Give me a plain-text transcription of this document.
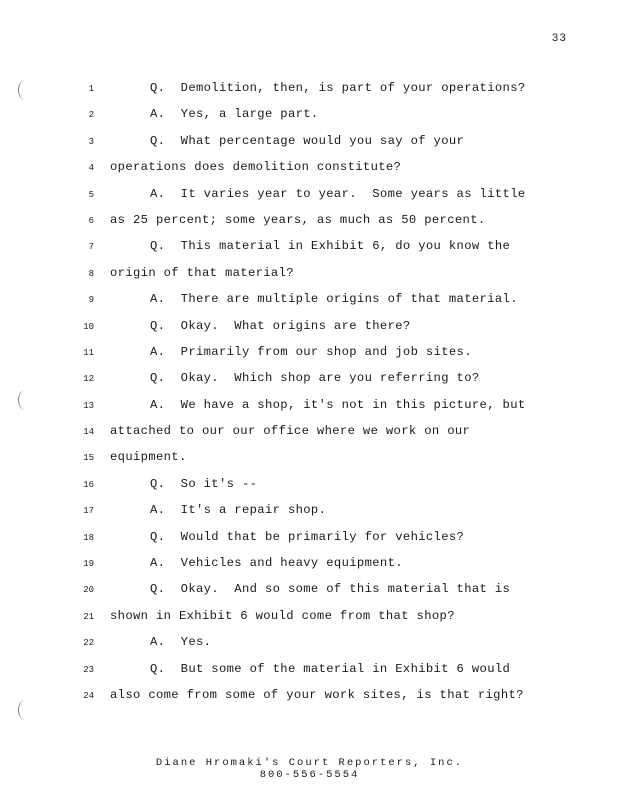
33
1	Q.  Demolition, then, is part of your operations?
2	A.  Yes, a large part.
3	Q.  What percentage would you say of your
4 operations does demolition constitute?
5	A.  It varies year to year.  Some years as little
6 as 25 percent; some years, as much as 50 percent.
7	Q.  This material in Exhibit 6, do you know the
8 origin of that material?
9	A.  There are multiple origins of that material.
10	Q.  Okay.  What origins are there?
11	A.  Primarily from our shop and job sites.
12	Q.  Okay.  Which shop are you referring to?
13	A.  We have a shop, it's not in this picture, but
14 attached to our our office where we work on our
15 equipment.
16	Q.  So it's --
17	A.  It's a repair shop.
18	Q.  Would that be primarily for vehicles?
19	A.  Vehicles and heavy equipment.
20	Q.  Okay.  And so some of this material that is
21 shown in Exhibit 6 would come from that shop?
22	A.  Yes.
23	Q.  But some of the material in Exhibit 6 would
24 also come from some of your work sites, is that right?
Diane Hromaki's Court Reporters, Inc.
800-556-5554
